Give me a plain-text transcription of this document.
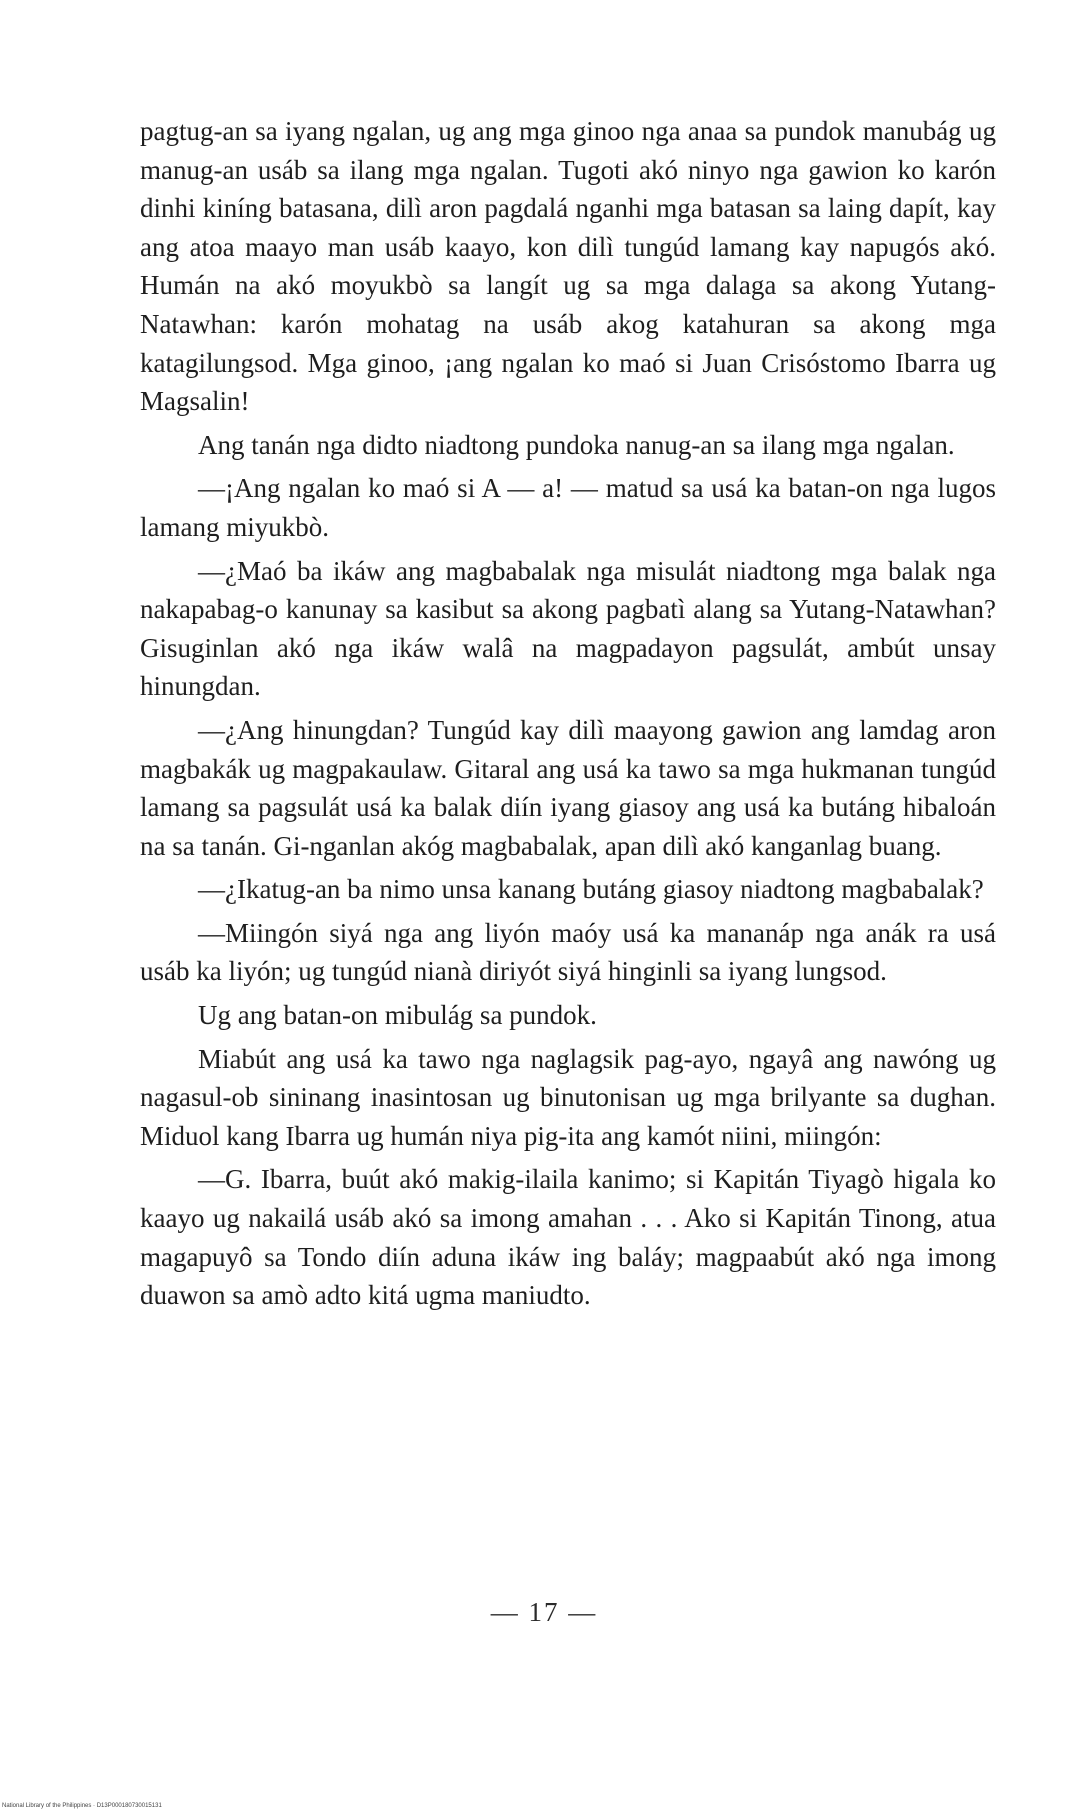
pagtug-an sa iyang ngalan, ug ang mga ginoo nga anaa sa pundok manubág ug manug-an usáb sa ilang mga ngalan. Tugoti akó ninyo nga gawion ko karón dinhi kiníng batasana, dilì aron pagdalá nganhi mga batasan sa laing dapít, kay ang atoa maayo man usáb kaayo, kon dilì tungúd lamang kay napugós akó. Humán na akó moyukbò sa langít ug sa mga dalaga sa akong Yutang-Natawhan: karón mohatag na usáb akog katahuran sa akong mga katagilungsod. Mga ginoo, ¡ang ngalan ko maó si Juan Crisóstomo Ibarra ug Magsalin!

Ang tanán nga didto niadtong pundoka nanug-an sa ilang mga ngalan.

—¡Ang ngalan ko maó si A — a! — matud sa usá ka batan-on nga lugos lamang miyukbò.

—¿Maó ba ikáw ang magbabalak nga misulát niadtong mga balak nga nakapabag-o kanunay sa kasibut sa akong pagbatì alang sa Yutang-Natawhan? Gisuginlan akó nga ikáw walâ na magpadayon pagsulát, ambút unsay hinungdan.

—¿Ang hinungdan? Tungúd kay dilì maayong gawion ang lamdag aron magbakák ug magpakaulaw. Gitaral ang usá ka tawo sa mga hukmanan tungúd lamang sa pagsulát usá ka balak diín iyang giasoy ang usá ka butáng hibaloán na sa tanán. Gi-nganlan akóg magbabalak, apan dilì akó kanganlag buang.

—¿Ikatug-an ba nimo unsa kanang butáng giasoy niadtong magbabalak?

—Miingón siyá nga ang liyón maóy usá ka mananáp nga anák ra usá usáb ka liyón; ug tungúd nianà diriyót siyá hinginli sa iyang lungsod.

Ug ang batan-on mibulág sa pundok.

Miabút ang usá ka tawo nga naglagsik pag-ayo, ngayâ ang nawóng ug nagasul-ob sininang inasintosan ug binutonisan ug mga brilyante sa dughan. Miduol kang Ibarra ug humán niya pig-ita ang kamót niini, miingón:

—G. Ibarra, buút akó makig-ilaila kanimo; si Kapitán Tiyagò higala ko kaayo ug nakailá usáb akó sa imong amahan . . . Ako si Kapitán Tinong, atua magapuyô sa Tondo diín aduna ikáw ing baláy; magpaabút akó nga imong duawon sa amò adto kitá ugma maniudto.

— 17 —
National Library of the Philippines · D13P000180730015131
